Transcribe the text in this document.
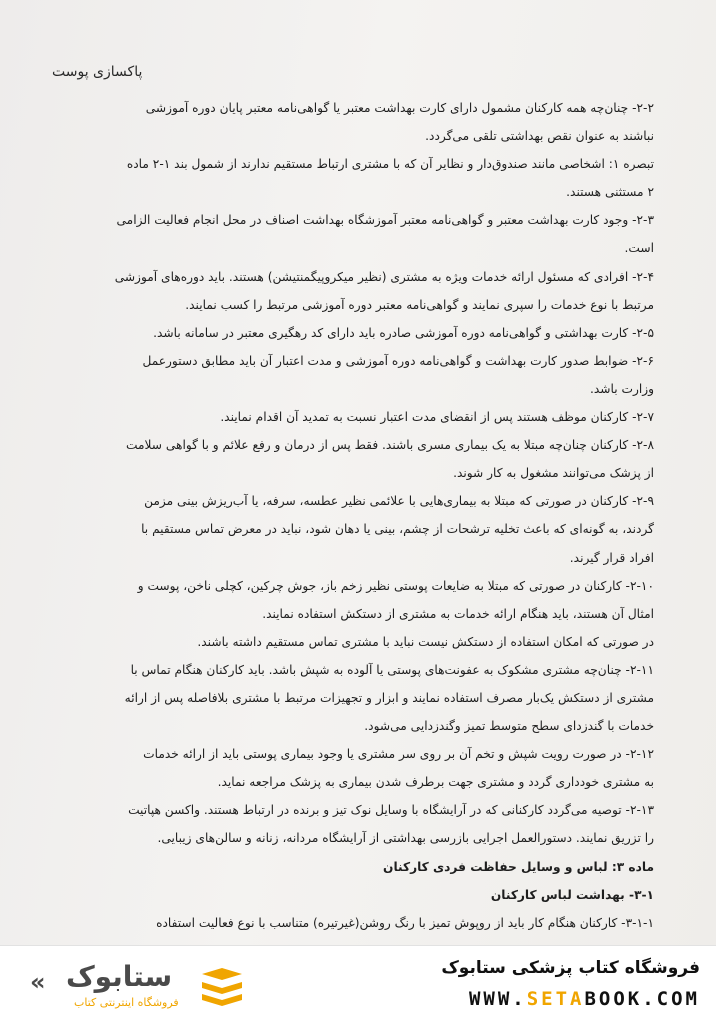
پاکسازی پوست

۲-۲- چنان‌چه همه کارکنان مشمول دارای کارت بهداشت معتبر یا گواهی‌نامه معتبر پایان دوره آموزشی

نباشند به عنوان نقص بهداشتی تلقی می‌گردد.

تبصره ۱: اشخاصی مانند صندوق‌دار و نظایر آن که با مشتری ارتباط مستقیم ندارند از شمول بند ۱-۲ ماده

۲ مستثنی هستند.

۲-۳- وجود کارت بهداشت معتبر و گواهی‌نامه معتبر آموزشگاه بهداشت اصناف در محل انجام فعالیت الزامی

است.

۲-۴- افرادی که مسئول ارائه خدمات ویژه به مشتری (نظیر میکروپیگمنتیشن) هستند. باید دوره‌های آموزشی

مرتبط با نوع خدمات را سپری نمایند و گواهی‌نامه معتبر دوره آموزشی مرتبط را کسب نمایند.

۲-۵- کارت بهداشتی و گواهی‌نامه دوره آموزشی صادره باید دارای کد رهگیری معتبر در سامانه باشد.

۲-۶- ضوابط صدور کارت بهداشت و گواهی‌نامه دوره آموزشی و مدت اعتبار آن باید مطابق دستورعمل

وزارت باشد.

۲-۷- کارکنان موظف هستند پس از انقضای مدت اعتبار نسبت به تمدید آن اقدام نمایند.

۲-۸- کارکنان چنان‌چه مبتلا به یک بیماری مسری باشند. فقط پس از درمان و رفع علائم و با گواهی سلامت

از پزشک می‌توانند مشغول به کار شوند.

۲-۹- کارکنان در صورتی که مبتلا به بیماری‌هایی با علائمی نظیر عطسه، سرفه، یا آب‌ریزش بینی مزمن

گردند، به گونه‌ای که باعث تخلیه ترشحات از چشم، بینی یا دهان شود، نباید در معرض تماس مستقیم با

افراد قرار گیرند.

۲-۱۰- کارکنان در صورتی که مبتلا به ضایعات پوستی نظیر زخم باز، جوش چرکین، کچلی ناخن، پوست و

امثال آن هستند، باید هنگام ارائه خدمات به مشتری از دستکش استفاده نمایند.

در صورتی که امکان استفاده از دستکش نیست نباید با مشتری تماس مستقیم داشته باشند.

۲-۱۱- چنان‌چه مشتری مشکوک به عفونت‌های پوستی یا آلوده به شپش باشد. باید کارکنان هنگام تماس با

مشتری از دستکش یک‌بار مصرف استفاده نمایند و ابزار و تجهیزات مرتبط با مشتری بلافاصله پس از ارائه

خدمات با گندزدای سطح متوسط تمیز وگندزدایی می‌شود.

۲-۱۲- در صورت رویت شپش و تخم آن بر روی سر مشتری یا وجود بیماری پوستی باید از ارائه خدمات

به مشتری خودداری گردد و مشتری جهت برطرف شدن بیماری به پزشک مراجعه نماید.

۲-۱۳- توصیه می‌گردد کارکنانی که در آرایشگاه با وسایل نوک تیز و برنده در ارتباط هستند. واکسن هپاتیت

را تزریق نمایند. دستورالعمل اجرایی بازرسی بهداشتی از آرایشگاه مردانه، زنانه و سالن‌های زیبایی.

ماده ۳: لباس و وسایل حفاظت فردی کارکنان

۳-۱- بهداشت لباس کارکنان

۳-۱-۱- کارکنان هنگام کار باید از روپوش تمیز با رنگ روشن(غیرتیره) متناسب با نوع فعالیت استفاده

« ستابوک
فروشگاه اینترنتی کتاب
فروشگاه کتاب پزشکی ستابوک
WWW.SETABOOK.COM
